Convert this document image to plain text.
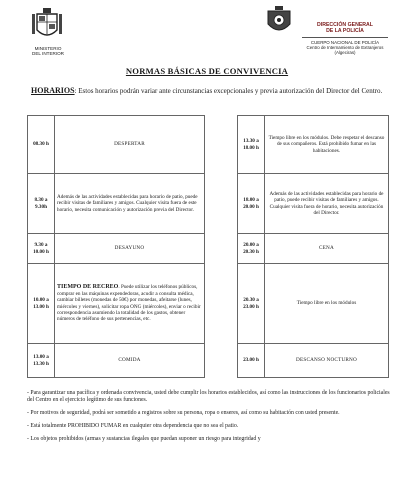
MINISTERIO
DEL INTERIOR
DIRECCIÓN GENERAL
DE LA POLICÍA
CUERPO NACIONAL DE POLICÍA
Centro de Internamiento de Extranjeros
(Algeciras)
NORMAS BÁSICAS DE CONVIVENCIA
HORARIOS: Estos horarios podrán variar ante circunstancias excepcionales y previa autorización del Director del Centro.
08.30 h	DESPERTAR

8.30 a
9.30h	Además de las actividades establecidas para horario de patio, puede recibir visitas de familiares y amigos. Cualquier visita fuera de este horario, necesita comunicación y autorización previa del Director.

9.30 a
10.00 h	DESAYUNO

10.00 a
13.00 h	TIEMPO DE RECREO. Puede utilizar los teléfonos públicos, comprar en las máquinas expendedoras, acudir a consulta médica, cambiar billetes (monedas de 50€) por monedas, afeitarse (lunes, miércoles y viernes), solicitar ropa ONG (miércoles), enviar o recibir correspondencia asumiendo la totalidad de los gastos, obtener números de teléfono de sus pertenencias, etc.

13.00 a
13.30 h	COMIDA
13.30 a
18.00 h	Tiempo libre en los módulos. Debe respetar el descanso de sus compañeros. Está prohibido fumar en las habitaciones.

18.00 a
20.00 h	Además de las actividades establecidas para horario de patio, puede recibir visitas de familiares y amigos. Cualquier visita fuera de horario, necesita autorización del Director.

20.00 a
20.30 h	CENA

20.30 a
23.00 h	Tiempo libre en los módulos

23.00 h	DESCANSO NOCTURNO

- Para garantizar una pacífica y ordenada convivencia, usted debe cumplir los horarios establecidos, así como las instrucciones de los funcionarios policiales del Centro en el ejercicio legítimo de sus funciones.

- Por motivos de seguridad, podrá ser sometido a registros sobre su persona, ropa o enseres, así como su habitación con usted presente.

- Está totalmente PROHIBIDO FUMAR en cualquier otra dependencia que no sea el patio.

- Los objetos prohibidos (armas y sustancias ilegales que puedan suponer un riesgo para integridad y
